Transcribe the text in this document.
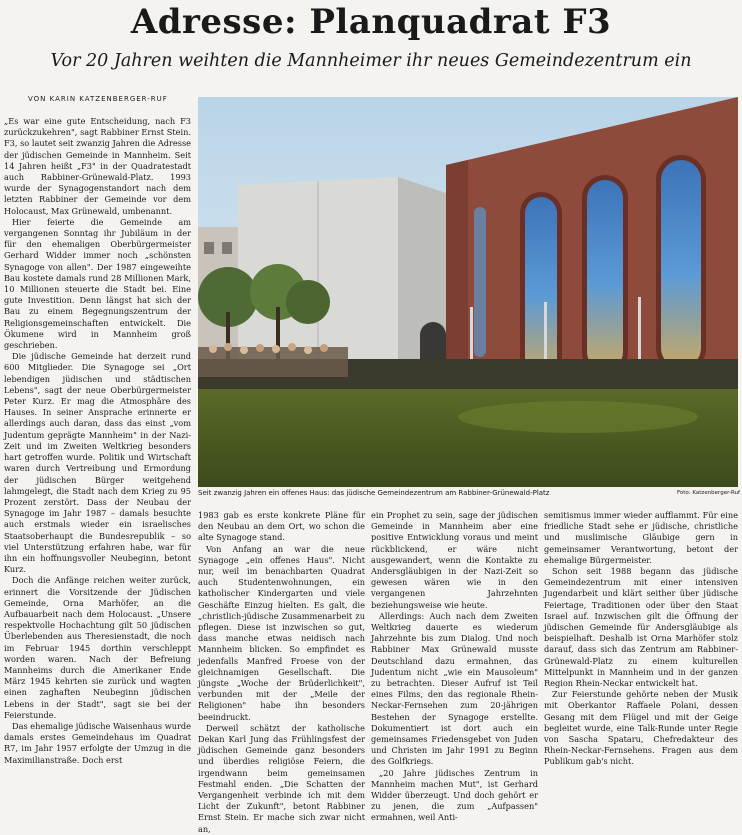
Adresse: Planquadrat F3
Vor 20 Jahren weihten die Mannheimer ihr neues Gemeindezentrum ein
VON KARIN KATZENBERGER-RUF

„Es war eine gute Entscheidung, nach F3 zurückzukehren", sagt Rabbiner Ernst Stein. F3, so lautet seit zwanzig Jahren die Adresse der jüdischen Gemeinde in Mannheim. Seit 14 Jahren heißt „F3" in der Quadratestadt auch Rabbiner-Grünewald-Platz. 1993 wurde der Synagogenstandort nach dem letzten Rabbiner der Gemeinde vor dem Holocaust, Max Grünewald, umbenannt.

Hier feierte die Gemeinde am vergangenen Sonntag ihr Jubiläum in der für den ehemaligen Oberbürgermeister Gerhard Widder immer noch „schönsten Synagoge von allen". Der 1987 eingeweihte Bau kostete damals rund 28 Millionen Mark, 10 Millionen steuerte die Stadt bei. Eine gute Investition. Denn längst hat sich der Bau zu einem Begegnungszentrum der Religionsgemeinschaften entwickelt. Die Ökumene wird in Mannheim groß geschrieben.

Die jüdische Gemeinde hat derzeit rund 600 Mitglieder. Die Synagoge sei „Ort lebendigen jüdischen und städtischen Lebens", sagt der neue Oberbürgermeister Peter Kurz. Er mag die Atmosphäre des Hauses. In seiner Ansprache erinnerte er allerdings auch daran, dass das einst „vom Judentum geprägte Mannheim" in der Nazi-Zeit und im Zweiten Weltkrieg besonders hart getroffen wurde. Politik und Wirtschaft waren durch Vertreibung und Ermordung der jüdischen Bürger weitgehend lahmgelegt, die Stadt nach dem Krieg zu 95 Prozent zerstört. Dass der Neubau der Synagoge im Jahr 1987 – damals besuchte auch erstmals wieder ein israelisches Staatsoberhaupt die Bundesrepublik – so viel Unterstützung erfahren habe, war für ihn ein hoffnungsvoller Neubeginn, betont Kurz.

Doch die Anfänge reichen weiter zurück, erinnert die Vorsitzende der Jüdischen Gemeinde, Orna Marhöfer, an die Aufbauarbeit nach dem Holocaust. „Unsere respektvolle Hochachtung gilt 50 jüdischen Überlebenden aus Theresienstadt, die noch im Februar 1945 dorthin verschleppt worden waren. Nach der Befreiung Mannheims durch die Amerikaner Ende März 1945 kehrten sie zurück und wagten einen zaghaften Neubeginn jüdischen Lebens in der Stadt", sagt sie bei der Feierstunde.

Das ehemalige jüdische Waisenhaus wurde damals erstes Gemeindehaus im Quadrat R7, im Jahr 1957 erfolgte der Umzug in die Maximilianstraße. Doch erst

Seit zwanzig Jahren ein offenes Haus: das jüdische Gemeindezentrum am Rabbiner-Grünewald-Platz	Foto: Katzenberger-Ruf

1983 gab es erste konkrete Pläne für den Neubau an dem Ort, wo schon die alte Synagoge stand.

Von Anfang an war die neue Synagoge „ein offenes Haus". Nicht nur, weil im benachbarten Quadrat auch Studentenwohnungen, ein katholischer Kindergarten und viele Geschäfte Einzug hielten. Es galt, die „christlich-jüdische Zusammenarbeit zu pflegen. Diese ist inzwischen so gut, dass manche etwas neidisch nach Mannheim blicken. So empfindet es jedenfalls Manfred Froese von der gleichnamigen Gesellschaft. Die jüngste „Woche der Brüderlichkeit", verbunden mit der „Meile der Religionen" habe ihn besonders beeindruckt.

Derweil schätzt der katholische Dekan Karl Jung das Frühlingsfest der jüdischen Gemeinde ganz besonders und überdies religiöse Feiern, die irgendwann beim gemeinsamen Festmahl enden. „Die Schatten der Vergangenheit verbinde ich mit dem Licht der Zukunft", betont Rabbiner Ernst Stein. Er mache sich zwar nicht an,

ein Prophet zu sein, sage der jüdischen Gemeinde in Mannheim aber eine positive Entwicklung voraus und meint rückblickend, er wäre nicht ausgewandert, wenn die Kontakte zu Andersgläubigen in der Nazi-Zeit so gewesen wären wie in den vergangenen Jahrzehnten beziehungsweise wie heute.

Allerdings: Auch nach dem Zweiten Weltkrieg dauerte es wiederum Jahrzehnte bis zum Dialog. Und noch Rabbiner Max Grünewald musste Deutschland dazu ermahnen, das Judentum nicht „wie ein Mausoleum" zu betrachten. Dieser Aufruf ist Teil eines Films, den das regionale Rhein-Neckar-Fernsehen zum 20-jährigen Bestehen der Synagoge erstellte. Dokumentiert ist dort auch ein gemeinsames Friedensgebet von Juden und Christen im Jahr 1991 zu Beginn des Golfkriegs.

„20 Jahre jüdisches Zentrum in Mannheim machen Mut", ist Gerhard Widder überzeugt. Und doch gehört er zu jenen, die zum „Aufpassen" ermahnen, weil Anti-

semitismus immer wieder aufflammt. Für eine friedliche Stadt sehe er jüdische, christliche und muslimische Gläubige gern in gemeinsamer Verantwortung, betont der ehemalige Bürgermeister.

Schon seit 1988 begann das jüdische Gemeindezentrum mit einer intensiven Jugendarbeit und klärt seither über jüdische Feiertage, Traditionen oder über den Staat Israel auf. Inzwischen gilt die Öffnung der jüdischen Gemeinde für Andersgläubige als beispielhaft. Deshalb ist Orna Marhöfer stolz darauf, dass sich das Zentrum am Rabbiner-Grünewald-Platz zu einem kulturellen Mittelpunkt in Mannheim und in der ganzen Region Rhein-Neckar entwickelt hat.

Zur Feierstunde gehörte neben der Musik mit Oberkantor Raffaele Polani, dessen Gesang mit dem Flügel und mit der Geige begleitet wurde, eine Talk-Runde unter Regie von Sascha Spataru, Chefredakteur des Rhein-Neckar-Fernsehens. Fragen aus dem Publikum gab's nicht.
